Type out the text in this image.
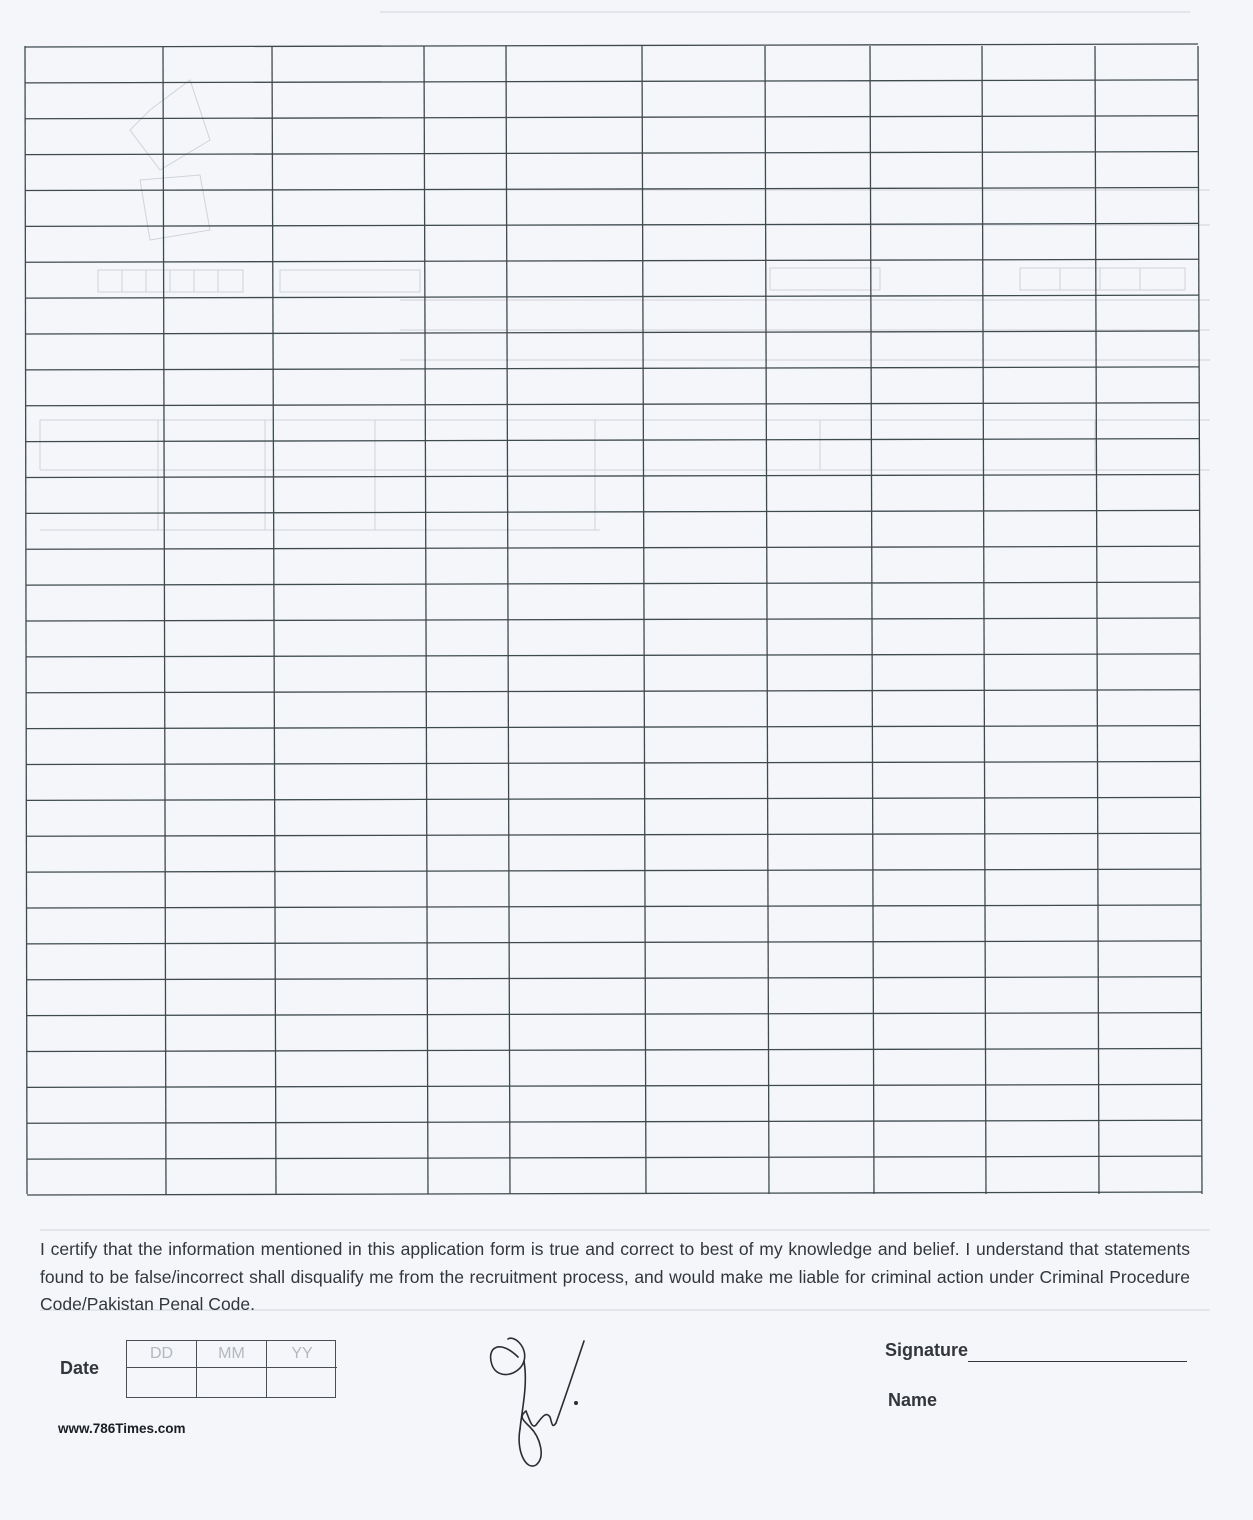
I certify that the information mentioned in this application form is true and correct to best of my knowledge and belief. I understand that statements found to be false/incorrect shall disqualify me from the recruitment process, and would make me liable for criminal action under Criminal Procedure Code/Pakistan Penal Code.

Date
DD	MM	YY	Signature
Name
www.786Times.com
